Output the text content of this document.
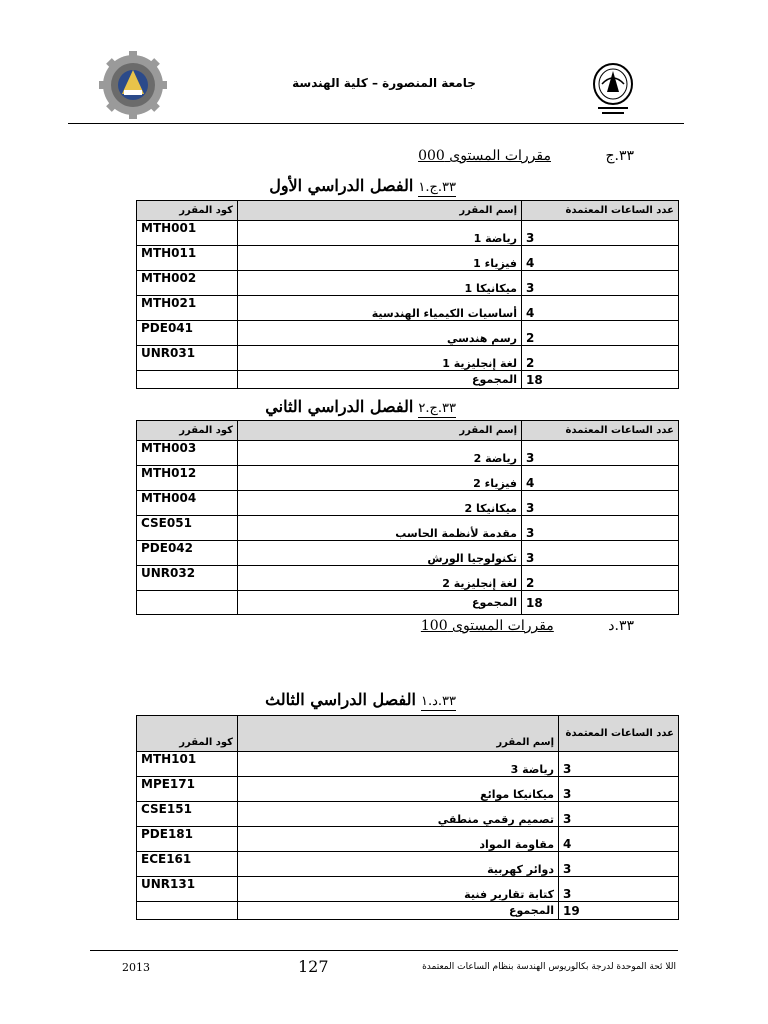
جامعة المنصورة – كلية الهندسة
٣٣.ج مقررات المستوى 000
٣٣.ج.١ الفصل الدراسي الأول
كود المقرر	إسم المقرر	عدد الساعات المعتمدة
MTH001	رياضة 1	3
MTH011	فيزياء 1	4
MTH002	ميكانيكا 1	3
MTH021	أساسيات الكيمياء الهندسية	4
PDE041	رسم هندسي	2
UNR031	لغة إنجليزية 1	2
	المجموع	18
٣٣.ج.٢ الفصل الدراسي الثاني
كود المقرر	إسم المقرر	عدد الساعات المعتمدة
MTH003	رياضة 2	3
MTH012	فيزياء 2	4
MTH004	ميكانيكا 2	3
CSE051	مقدمة لأنظمة الحاسب	3
PDE042	تكنولوجيا الورش	3
UNR032	لغة إنجليزية 2	2
	المجموع	18
٣٣.د مقررات المستوى 100
٣٣.د.١ الفصل الدراسي الثالث
كود المقرر	إسم المقرر	عدد الساعات المعتمدة
MTH101	رياضة 3	3
MPE171	ميكانيكا موائع	3
CSE151	تصميم رقمي منطقي	3
PDE181	مقاومة المواد	4
ECE161	دوائر كهربية	3
UNR131	كتابة تقارير فنية	3
	المجموع	19
2013	127	اللا ئحة الموحدة لدرجة بكالوريوس الهندسة بنظام الساعات المعتمدة
